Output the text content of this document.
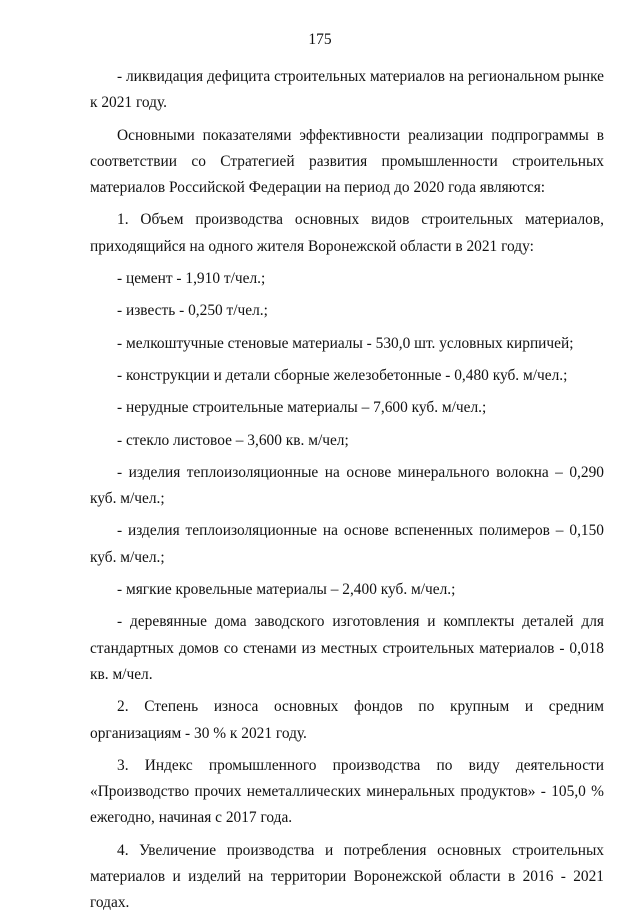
175

- ликвидация дефицита строительных материалов на региональном рынке к 2021 году.

Основными показателями эффективности реализации подпрограммы в соответствии со Стратегией развития промышленности строительных материалов Российской Федерации на период до 2020 года являются:

1. Объем производства основных видов строительных материалов, приходящийся на одного жителя Воронежской области в 2021 году:

- цемент - 1,910 т/чел.;

- известь - 0,250 т/чел.;

- мелкоштучные стеновые материалы - 530,0 шт. условных кирпичей;

- конструкции и детали сборные железобетонные - 0,480 куб. м/чел.;

- нерудные строительные материалы – 7,600 куб. м/чел.;

- стекло листовое – 3,600 кв. м/чел;

- изделия теплоизоляционные на основе минерального волокна – 0,290 куб. м/чел.;

- изделия теплоизоляционные на основе вспененных полимеров – 0,150 куб. м/чел.;

- мягкие кровельные материалы – 2,400 куб. м/чел.;

- деревянные дома заводского изготовления и комплекты деталей для стандартных домов со стенами из местных строительных материалов - 0,018 кв. м/чел.

2. Степень износа основных фондов по крупным и средним организациям - 30 % к 2021 году.

3. Индекс промышленного производства по виду деятельности «Производство прочих неметаллических минеральных продуктов» - 105,0 % ежегодно, начиная с 2017 года.

4. Увеличение производства и потребления основных строительных материалов и изделий на территории Воронежской области в 2016 - 2021 годах.
